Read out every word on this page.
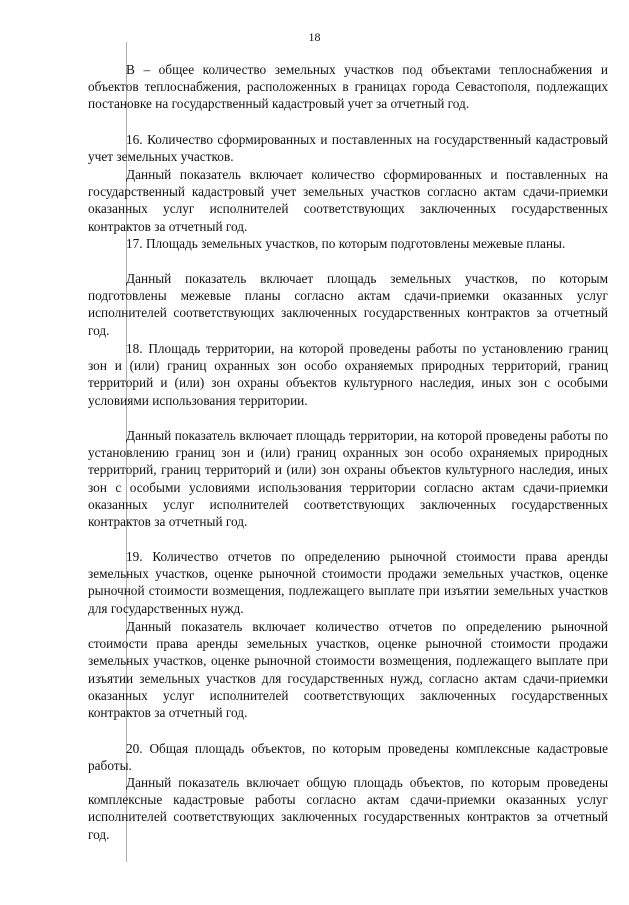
18

В – общее количество земельных участков под объектами теплоснабжения и объектов теплоснабжения, расположенных в границах города Севастополя, подлежащих постановке на государственный кадастровый учет за отчетный год.

16. Количество сформированных и поставленных на государственный кадастровый учет земельных участков.

Данный показатель включает количество сформированных и поставленных на государственный кадастровый учет земельных участков согласно актам сдачи-приемки оказанных услуг исполнителей соответствующих заключенных государственных контрактов за отчетный год.

17. Площадь земельных участков, по которым подготовлены межевые планы.

Данный показатель включает площадь земельных участков, по которым подготовлены межевые планы согласно актам сдачи-приемки оказанных услуг исполнителей соответствующих заключенных государственных контрактов за отчетный год.

18. Площадь территории, на которой проведены работы по установлению границ зон и (или) границ охранных зон особо охраняемых природных территорий, границ территорий и (или) зон охраны объектов культурного наследия, иных зон с особыми условиями использования территории.

Данный показатель включает площадь территории, на которой проведены работы по установлению границ зон и (или) границ охранных зон особо охраняемых природных территорий, границ территорий и (или) зон охраны объектов культурного наследия, иных зон с особыми условиями использования территории согласно актам сдачи-приемки оказанных услуг исполнителей соответствующих заключенных государственных контрактов за отчетный год.

19. Количество отчетов по определению рыночной стоимости права аренды земельных участков, оценке рыночной стоимости продажи земельных участков, оценке рыночной стоимости возмещения, подлежащего выплате при изъятии земельных участков для государственных нужд.

Данный показатель включает количество отчетов по определению рыночной стоимости права аренды земельных участков, оценке рыночной стоимости продажи земельных участков, оценке рыночной стоимости возмещения, подлежащего выплате при изъятии земельных участков для государственных нужд, согласно актам сдачи-приемки оказанных услуг исполнителей соответствующих заключенных государственных контрактов за отчетный год.

20. Общая площадь объектов, по которым проведены комплексные кадастровые работы.

Данный показатель включает общую площадь объектов, по которым проведены комплексные кадастровые работы согласно актам сдачи-приемки оказанных услуг исполнителей соответствующих заключенных государственных контрактов за отчетный год.
